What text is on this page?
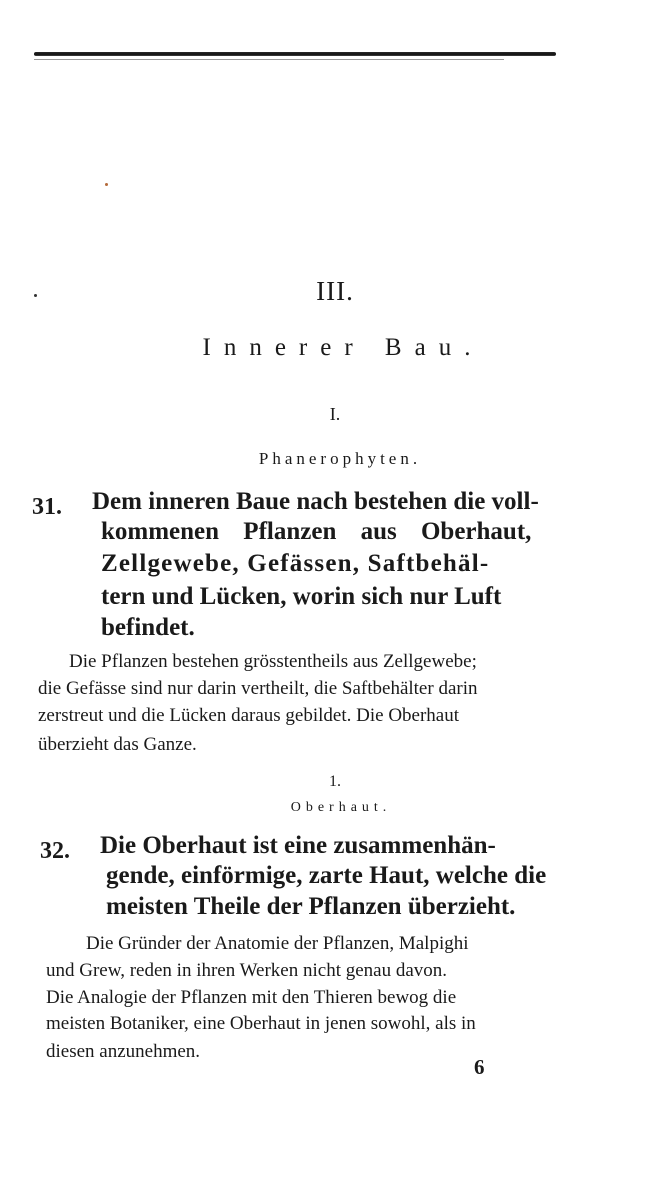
III.
Innerer Bau.
I.
Phanerophyten.
31. Dem inneren Baue nach bestehen die voll-
kommenen Pflanzen aus Oberhaut,
Zellgewebe, Gefässen, Saftbehäl-
tern und Lücken, worin sich nur Luft
befindet.
Die Pflanzen bestehen grösstentheils aus Zellgewebe;
die Gefässe sind nur darin vertheilt, die Saftbehälter darin
zerstreut und die Lücken daraus gebildet. Die Oberhaut
überzieht das Ganze.
1.
Oberhaut.
32. Die Oberhaut ist eine zusammenhän-
gende, einförmige, zarte Haut, welche die
meisten Theile der Pflanzen überzieht.
Die Gründer der Anatomie der Pflanzen, Malpighi
und Grew, reden in ihren Werken nicht genau davon.
Die Analogie der Pflanzen mit den Thieren bewog die
meisten Botaniker, eine Oberhaut in jenen sowohl, als in
diesen anzunehmen.
6
